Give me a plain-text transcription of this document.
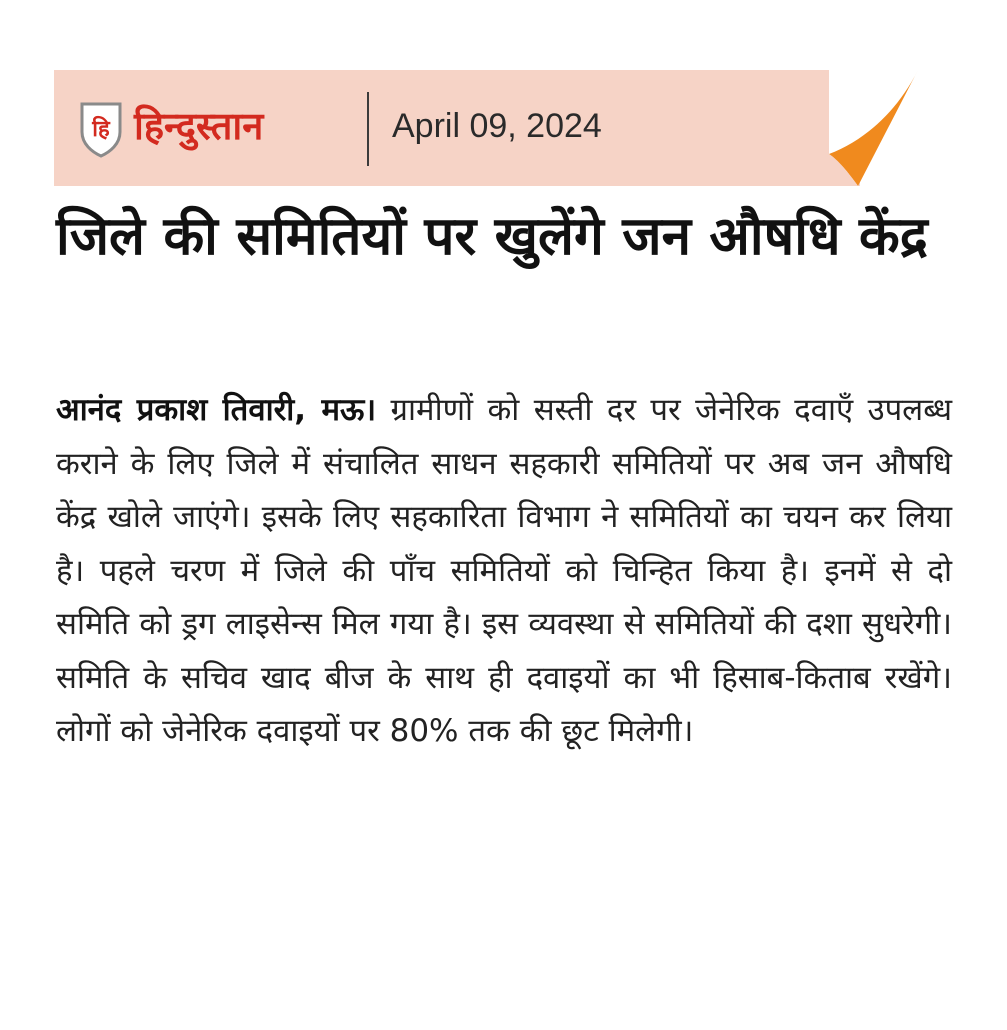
हि हिन्दुस्तान	April 09, 2024
जिले की समितियों पर खुलेंगे जन औषधि केंद्र

आनंद प्रकाश तिवारी, मऊ। ग्रामीणों को सस्ती दर पर जेनेरिक दवाएँ उपलब्ध कराने के लिए जिले में संचालित साधन सहकारी समितियों पर अब जन औषधि केंद्र खोले जाएंगे। इसके लिए सहकारिता विभाग ने समितियों का चयन कर लिया है। पहले चरण में जिले की पाँच समितियों को चिन्हित किया है। इनमें से दो समिति को ड्रग लाइसेन्स मिल गया है। इस व्यवस्था से समितियों की दशा सुधरेगी। समिति के सचिव खाद बीज के साथ ही दवाइयों का भी हिसाब-किताब रखेंगे। लोगों को जेनेरिक दवाइयों पर 80% तक की छूट मिलेगी।
